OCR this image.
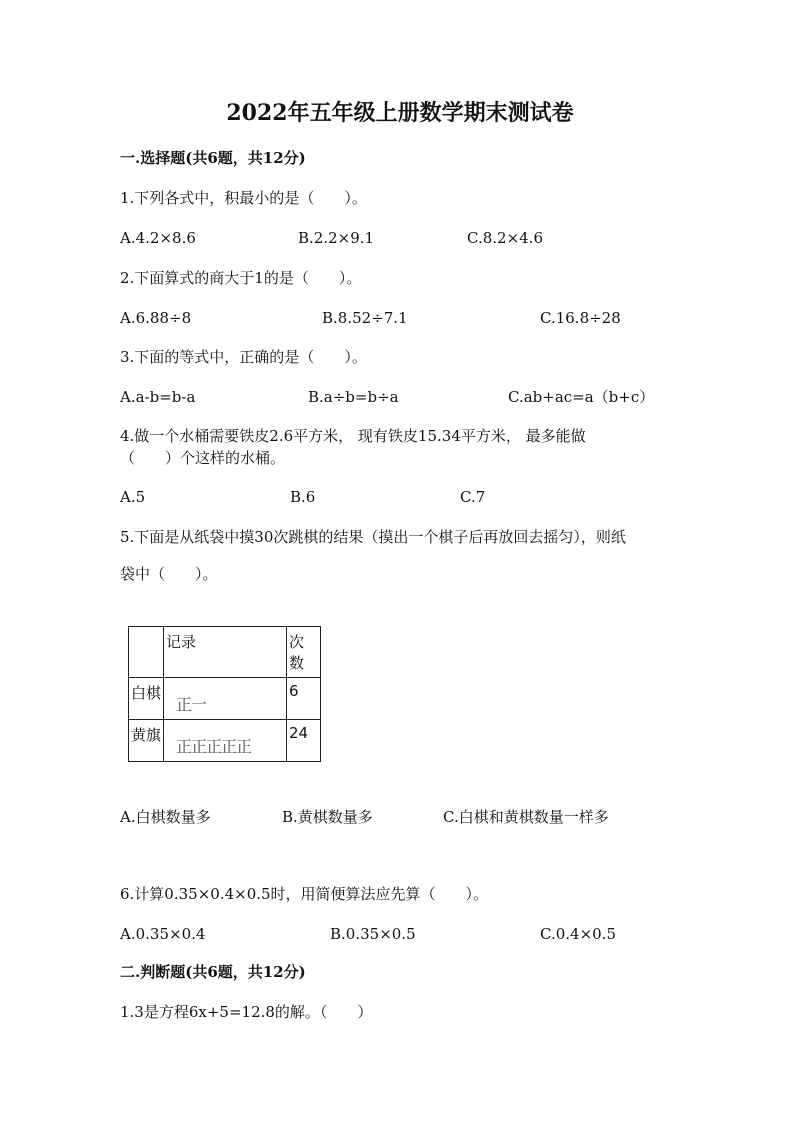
2022年五年级上册数学期末测试卷
一.选择题(共6题，共12分)
1.下列各式中，积最小的是（　　）。
A.4.2×8.6	B.2.2×9.1	C.8.2×4.6
2.下面算式的商大于1的是（　　）。
A.6.88÷8	B.8.52÷7.1	C.16.8÷28
3.下面的等式中，正确的是（　　）。
A.a-b=b-a	B.a÷b=b÷a	C.ab+ac=a（b+c）
4.做一个水桶需要铁皮2.6平方米， 现有铁皮15.34平方米， 最多能做
（　　）个这样的水桶。
A.5	B.6	C.7
5.下面是从纸袋中摸30次跳棋的结果（摸出一个棋子后再放回去摇匀），则纸
袋中（　　）。
	记录	次数
白棋	正一	6
黄旗	正正正正正	24
A.白棋数量多	B.黄棋数量多	C.白棋和黄棋数量一样多
6.计算0.35×0.4×0.5时，用简便算法应先算（　　）。
A.0.35×0.4	B.0.35×0.5	C.0.4×0.5
二.判断题(共6题，共12分)
1.3是方程6x+5=12.8的解。（　　）
